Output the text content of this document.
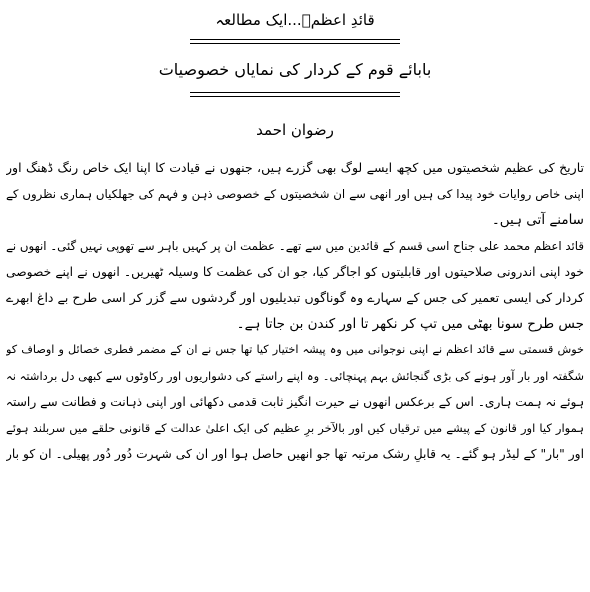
قائدِ اعظمؒ...ایک مطالعہ
بابائے قوم کے کردار کی نمایاں خصوصیات
رضوان احمد
تاریخ کی عظیم شخصیتوں میں کچھ ایسے لوگ بھی گزرے ہیں، جنھوں نے قیادت کا اپنا ایک خاص رنگ ڈھنگ اور
اپنی خاص روایات خود پیدا کی ہیں اور انھی سے ان شخصیتوں کے خصوصی ذہن و فہم کی جھلکیاں ہماری نظروں کے
سامنے آتی ہیں۔
قائد اعظم محمد علی جناح اسی قسم کے قائدین میں سے تھے۔ عظمت ان پر کہیں باہر سے تھوپی نہیں گئی۔ انھوں نے
خود اپنی اندرونی صلاحیتوں اور قابلیتوں کو اجاگر کیا، جو ان کی عظمت کا وسیلہ ٹھیریں۔ انھوں نے اپنے خصوصی
کردار کی ایسی تعمیر کی جس کے سہارے وہ گوناگوں تبدیلیوں اور گردشوں سے گزر کر اسی طرح بے داغ ابھرے
جس طرح سونا بھٹی میں تپ کر نکھر تا اور کندن بن جاتا ہے۔
خوش قسمتی سے قائد اعظم نے اپنی نوجوانی میں وہ پیشہ اختیار کیا تھا جس نے ان کے مضمر فطری خصائل و اوصاف کو
شگفتہ اور بار آور ہونے کی بڑی گنجائش بہم پہنچائی۔ وہ اپنے راستے کی دشواریوں اور رکاوٹوں سے کبھی دل برداشتہ نہ
ہوئے نہ ہمت ہاری۔ اس کے برعکس انھوں نے حیرت انگیز ثابت قدمی دکھائی اور اپنی ذہانت و فطانت سے راستہ
ہموار کیا اور قانون کے پیشے میں ترقیاں کیں اور بالآخر برِ عظیم کی ایک اعلیٰ عدالت کے قانونی حلقے میں سربلند ہوئے
اور "بار" کے لیڈر ہو گئے۔ یہ قابلِ رشک مرتبہ تھا جو انھیں حاصل ہوا اور ان کی شہرت دُور دُور پھیلی۔ ان کو بار
